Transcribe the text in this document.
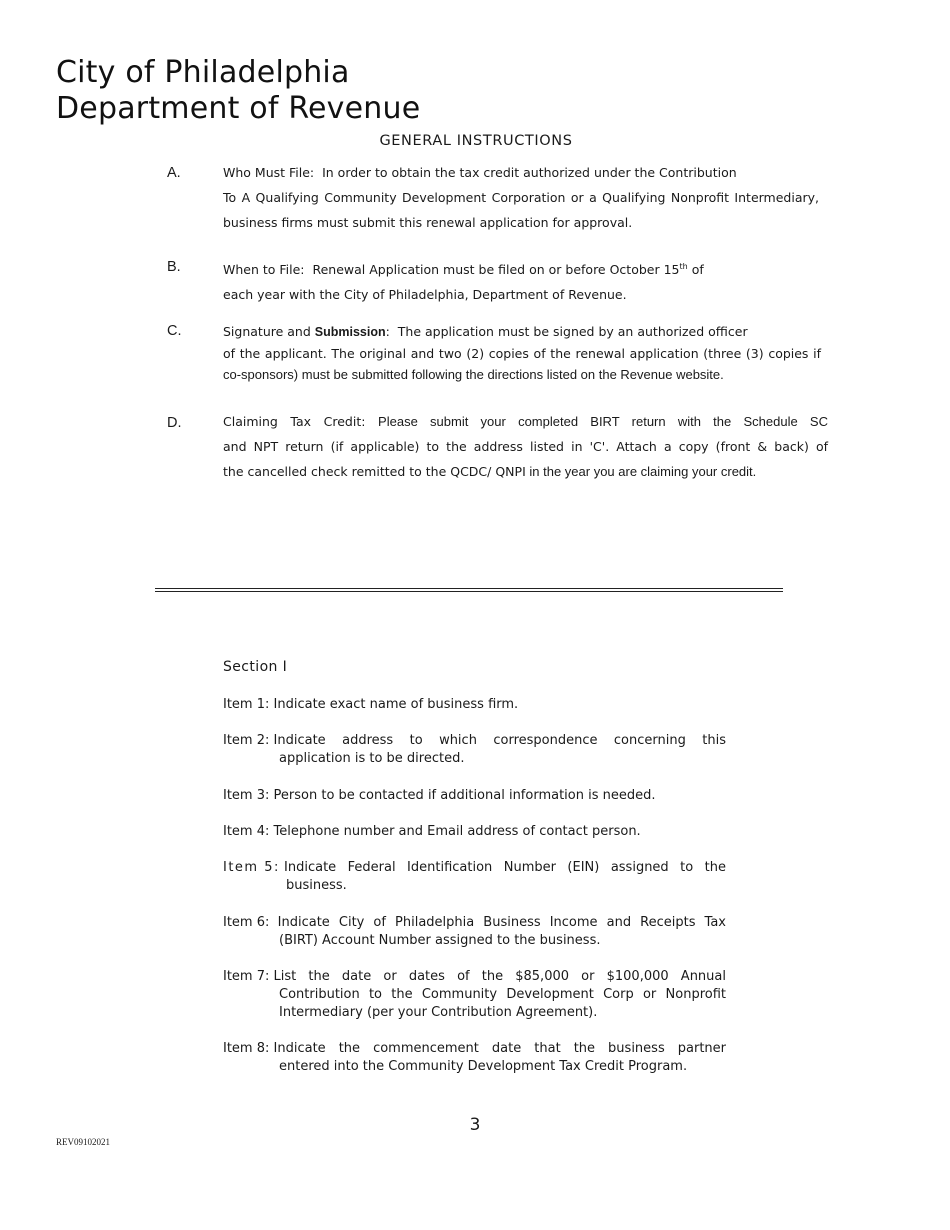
City of Philadelphia
Department of Revenue
GENERAL INSTRUCTIONS
A.	Who Must File: In order to obtain the tax credit authorized under the Contribution
To A Qualifying Community Development Corporation or a Qualifying Nonprofit Intermediary,
business firms must submit this renewal application for approval.
B.	When to File: Renewal Application must be filed on or before October 15th of
each year with the City of Philadelphia, Department of Revenue.
C.	Signature and Submission:  The application must be signed by an authorized officer
of the applicant. The original and two (2) copies of the renewal application (three (3) copies if
co-sponsors) must be submitted following the directions listed on the Revenue website.
D.	Claiming Tax Credit: Please submit your completed BIRT return with the Schedule SC
and NPT return (if applicable) to the address listed in 'C'. Attach a copy (front & back) of
the cancelled check remitted to the QCDC/ QNPI in the year you are claiming your credit.
Section I
Item 1:
Indicate exact name of business firm.
Item 2:
Indicate address to which correspondence concerning this
application is to be directed.
Item 3:
Person to be contacted if additional information is needed.
Item 4:
Telephone number and Email address of contact person.
Item 5:
Indicate Federal Identification Number (EIN) assigned to the
business.
Item 6:
Indicate City of Philadelphia Business Income and Receipts Tax
(BIRT) Account Number assigned to the business.
Item 7:
List the date or dates of the $85,000 or $100,000 Annual
Contribution to the Community Development Corp or Nonprofit
Intermediary (per your Contribution Agreement).
Item 8:
Indicate the commencement date that the business partner
entered into the Community Development Tax Credit Program.
3
REV09102021
